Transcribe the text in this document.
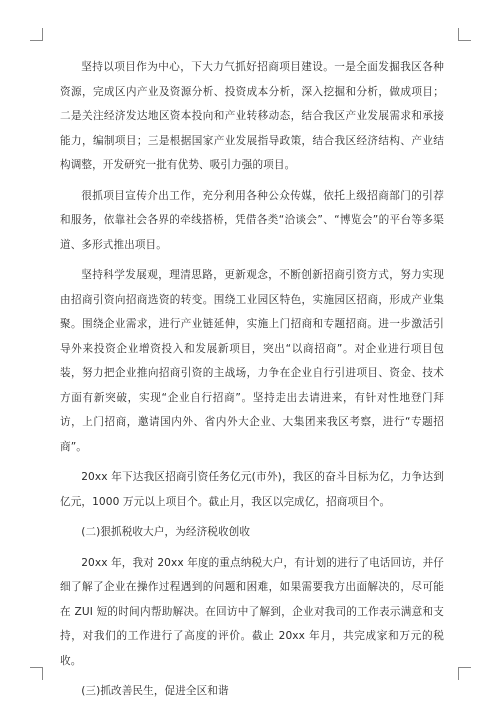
坚持以项目作为中心，下大力气抓好招商项目建设。一是全面发掘我区各种资源，完成区内产业及资源分析、投资成本分析，深入挖掘和分析，做成项目；二是关注经济发达地区资本投向和产业转移动态，结合我区产业发展需求和承接能力，编制项目；三是根据国家产业发展指导政策，结合我区经济结构、产业结构调整，开发研究一批有优势、吸引力强的项目。

很抓项目宣传介出工作，充分利用各种公众传媒，依托上级招商部门的引荐和服务，依靠社会各界的牵线搭桥，凭借各类“洽谈会”、“博览会”的平台等多渠道、多形式推出项目。

坚持科学发展观，理清思路，更新观念，不断创新招商引资方式，努力实现由招商引资向招商选资的转变。围绕工业园区特色，实施园区招商，形成产业集聚。围绕企业需求，进行产业链延伸，实施上门招商和专题招商。进一步激活引导外来投资企业增资投入和发展新项目，突出“以商招商”。对企业进行项目包装，努力把企业推向招商引资的主战场，力争在企业自行引进项目、资金、技术方面有新突破，实现“企业自行招商”。坚持走出去请进来，有针对性地登门拜访，上门招商，邀请国内外、省内外大企业、大集团来我区考察，进行“专题招商”。

20xx 年下达我区招商引资任务亿元(市外)，我区的奋斗目标为亿，力争达到亿元，1000 万元以上项目个。截止月，我区以完成亿，招商项目个。

(二)狠抓税收大户，为经济税收创收

20xx 年，我对 20xx 年度的重点纳税大户，有计划的进行了电话回访，并仔细了解了企业在操作过程遇到的问题和困难，如果需要我方出面解决的，尽可能在 ZUI 短的时间内帮助解决。在回访中了解到，企业对我司的工作表示满意和支持，对我们的工作进行了高度的评价。截止 20xx 年月，共完成家和万元的税收。

(三)抓改善民生，促进全区和谐
